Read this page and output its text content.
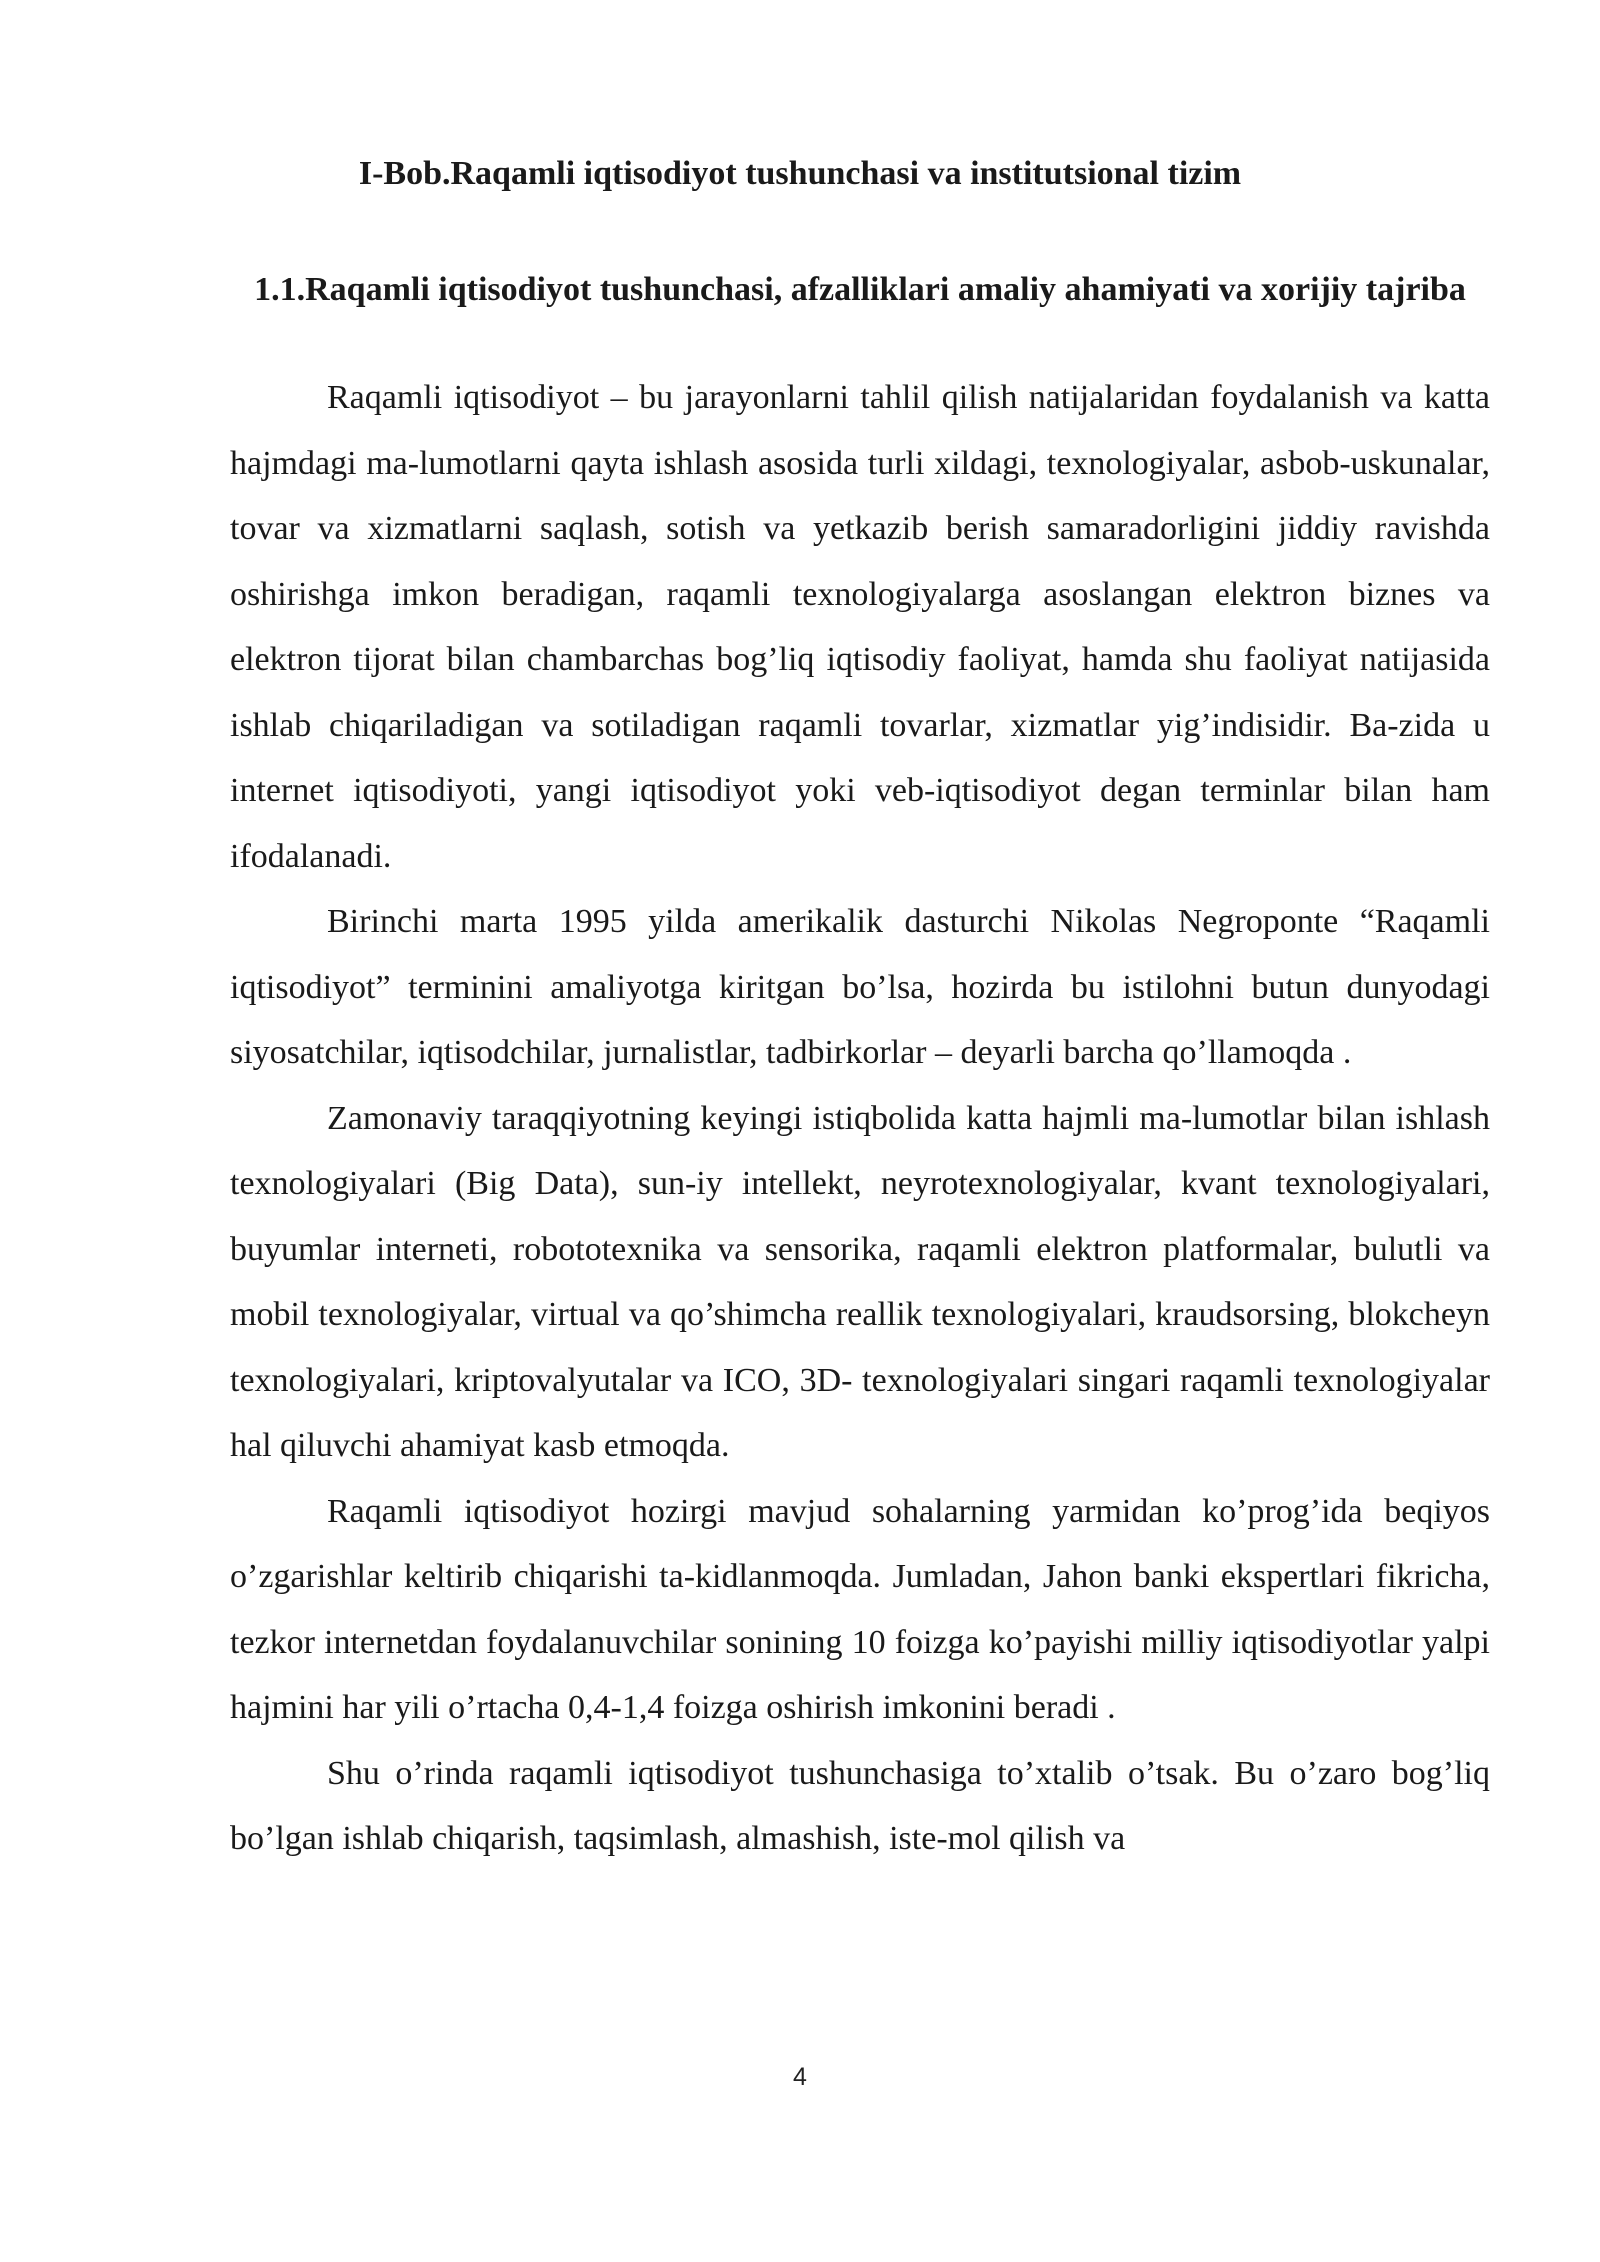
I-Bob.Raqamli iqtisodiyot tushunchasi va institutsional tizim
1.1.Raqamli iqtisodiyot tushunchasi, afzalliklari amaliy ahamiyati va xorijiy tajriba

Raqamli iqtisodiyot – bu jarayonlarni tahlil qilish natijalaridan foydalanish va katta hajmdagi ma-lumotlarni qayta ishlash asosida turli xildagi, texnologiyalar, asbob-uskunalar, tovar va xizmatlarni saqlash, sotish va yetkazib berish samaradorligini jiddiy ravishda oshirishga imkon beradigan, raqamli texnologiyalarga asoslangan elektron biznes va elektron tijorat bilan chambarchas bog’liq iqtisodiy faoliyat, hamda shu faoliyat natijasida ishlab chiqariladigan va sotiladigan raqamli tovarlar, xizmatlar yig’indisidir. Ba-zida u internet iqtisodiyoti, yangi iqtisodiyot yoki veb-iqtisodiyot degan terminlar bilan ham ifodalanadi.

Birinchi marta 1995 yilda amerikalik dasturchi Nikolas Negroponte “Raqamli iqtisodiyot” terminini amaliyotga kiritgan bo’lsa, hozirda bu istilohni butun dunyodagi siyosatchilar, iqtisodchilar, jurnalistlar, tadbirkorlar – deyarli barcha qo’llamoqda .

Zamonaviy taraqqiyotning keyingi istiqbolida katta hajmli ma-lumotlar bilan ishlash texnologiyalari (Big Data), sun-iy intellekt, neyrotexnologiyalar, kvant texnologiyalari, buyumlar interneti, robototexnika va sensorika, raqamli elektron platformalar, bulutli va mobil texnologiyalar, virtual va qo’shimcha reallik texnologiyalari, kraudsorsing, blokcheyn texnologiyalari, kriptovalyutalar va ICO, 3D- texnologiyalari singari raqamli texnologiyalar hal qiluvchi ahamiyat kasb etmoqda.

Raqamli iqtisodiyot hozirgi mavjud sohalarning yarmidan ko’prog’ida beqiyos o’zgarishlar keltirib chiqarishi ta-kidlanmoqda. Jumladan, Jahon banki ekspertlari fikricha, tezkor internetdan foydalanuvchilar sonining 10 foizga ko’payishi milliy iqtisodiyotlar yalpi hajmini har yili o’rtacha 0,4-1,4 foizga oshirish imkonini beradi .

Shu o’rinda raqamli iqtisodiyot tushunchasiga to’xtalib o’tsak. Bu o’zaro bog’liq bo’lgan ishlab chiqarish, taqsimlash, almashish, iste-mol qilish va

4
